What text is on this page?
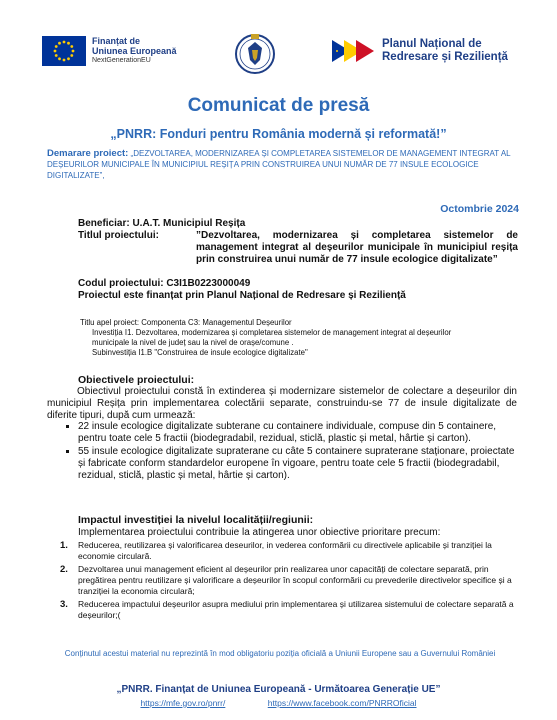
Finanțat de
Uniunea Europeană
NextGenerationEU
Planul Național de
Redresare și Reziliență
Comunicat de presă
„PNRR: Fonduri pentru România modernă și reformată!”
Demarare proiect: „DEZVOLTAREA, MODERNIZAREA ȘI COMPLETAREA SISTEMELOR DE MANAGEMENT INTEGRAT AL DEȘEURILOR MUNICIPALE ÎN MUNICIPIUL REȘIȚA PRIN CONSTRUIREA UNUI NUMĂR DE 77 INSULE ECOLOGICE DIGITALIZATE”,
Octombrie 2024
Beneficiar: U.A.T. Municipiul Reșița
Titlul proiectului:	”Dezvoltarea, modernizarea și completarea sistemelor de management integrat al deșeurilor municipale în municipiul reșița prin construirea unui număr de 77 insule ecologice digitalizate”
Codul proiectului: C3I1B0223000049
Proiectul este finanțat prin Planul Național de Redresare și Reziliență
Titlu apel proiect: Componenta C3: Managementul Deșeurilor
Investiția I1. Dezvoltarea, modernizarea și completarea sistemelor de management integrat al deșeurilor municipale la nivel de județ sau la nivel de orașe/comune .
Subinvestiția I1.B "Construirea de insule ecologice digitalizate"
Obiectivele proiectului:
Obiectivul proiectului constă în extinderea și modernizare sistemelor de colectare a deșeurilor din municipiul Reșița prin implementarea colectării separate, construindu-se 77 de insule digitalizate de diferite tipuri, după cum urmează:
▪ 22 insule ecologice digitalizate subterane cu containere individuale, compuse din 5 containere, pentru toate cele 5 fractii (biodegradabil, rezidual, sticlă, plastic și metal, hârtie și carton).
▪ 55 insule ecologice digitalizate supraterane cu câte 5 containere supraterane staționare, proiectate și fabricate conform standardelor europene în vigoare, pentru toate cele 5 fractii (biodegradabil, rezidual, sticlă, plastic și metal, hârtie și carton).
Impactul investiției la nivelul localității/regiunii:
Implementarea proiectului contribuie la atingerea unor obiective prioritare precum:
1.	Reducerea, reutilizarea și valorificarea deseurilor, in vederea conformării cu directivele aplicabile și tranziției la economie circulară.
2.	Dezvoltarea unui management eficient al deșeurilor prin realizarea unor capacități de colectare separată, prin pregătirea pentru reutilizare și valorificare a deșeurilor în scopul conformării cu prevederile directivelor specifice și a tranziției la economia circulară;
3.	Reducerea impactului deșeurilor asupra mediului prin implementarea și utilizarea sistemului de colectare separată a deșeurilor;(
Conținutul acestui material nu reprezintă în mod obligatoriu poziția oficială a Uniunii Europene sau a Guvernului României
„PNRR. Finanțat de Uniunea Europeană - Următoarea Generație UE”
https://mfe.gov.ro/pnrr/	https://www.facebook.com/PNRROficial
